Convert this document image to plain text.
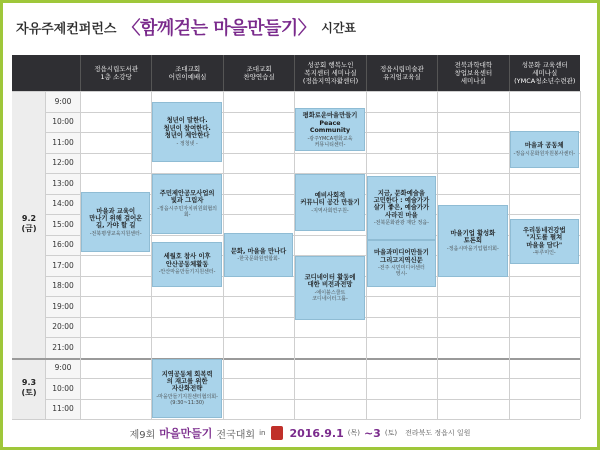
자유주제컨퍼런스 〈함께걷는 마을만들기〉 시간표
정읍시립도서관
1층 소강당
조대교회
어린이예배실
조대교회
찬양연습실
성공회 행복노인
복지센터 세미나실
(정읍지역자활센터)
정읍시립미술관
유지엄교육실
전북과학대학
창업보육센터
세미나실
성문화 교육센터
세미나실
(YMCA청소년수련관)
9.2
(금)
9.3
(토)
9:00
10:00
11:00
12:00
13:00
14:00
15:00
16:00
17:00
18:00
19:00
20:00
21:00
9:00
10:00
11:00
청년이 말한다.
청년이 참여한다.
청년이 제안한다
- 정청넷 -
평화로운마을만들기
Peace Community
-광주YMCA평화교육
커뮤니티센터-	마을과 공동체
-정읍시문화원자원봉사센터-
주민제안공모사업의
빛과 그림자
-정읍시주민자치위원회협의회-
예비사회적
커뮤니티 공간 만들기
-지역사회연구원-
지금, 문화예술을
고민한다 : 예술가가
살기 좋은, 예술가가
사라진 마을
-전북문화관광 재단 정읍-
마을과 교육이
만나기 위해 걸어온
길, 가야 할 길
-전북평생교육지원센터-	마을기업 활성화
토론회
-정읍시마을기업협의회-
우리동네건강법
"지도를 펼쳐
마을을 담다"
-두루미인-
세월호 참사 이후
안산공동체활동
-안산마을만들기지원센터-
문화, 마을을 만나다
-한국문화원연합회-
마을과미디어만들기
그리고지역신문
-전주 시민미디어센터
영시-
코디네이터 활동에
대한 비전과전망
-에이블스쿨트
코디네이터그룹-
지역공동체 회복력
의 재고를 위한
자산화전략
-마을만들기지원센터협의회-
(9:30~11:30)
제9회 마을만들기 전국대회 in 2016.9.1 (목) ~3 (토) 전라북도 정읍시 일원
